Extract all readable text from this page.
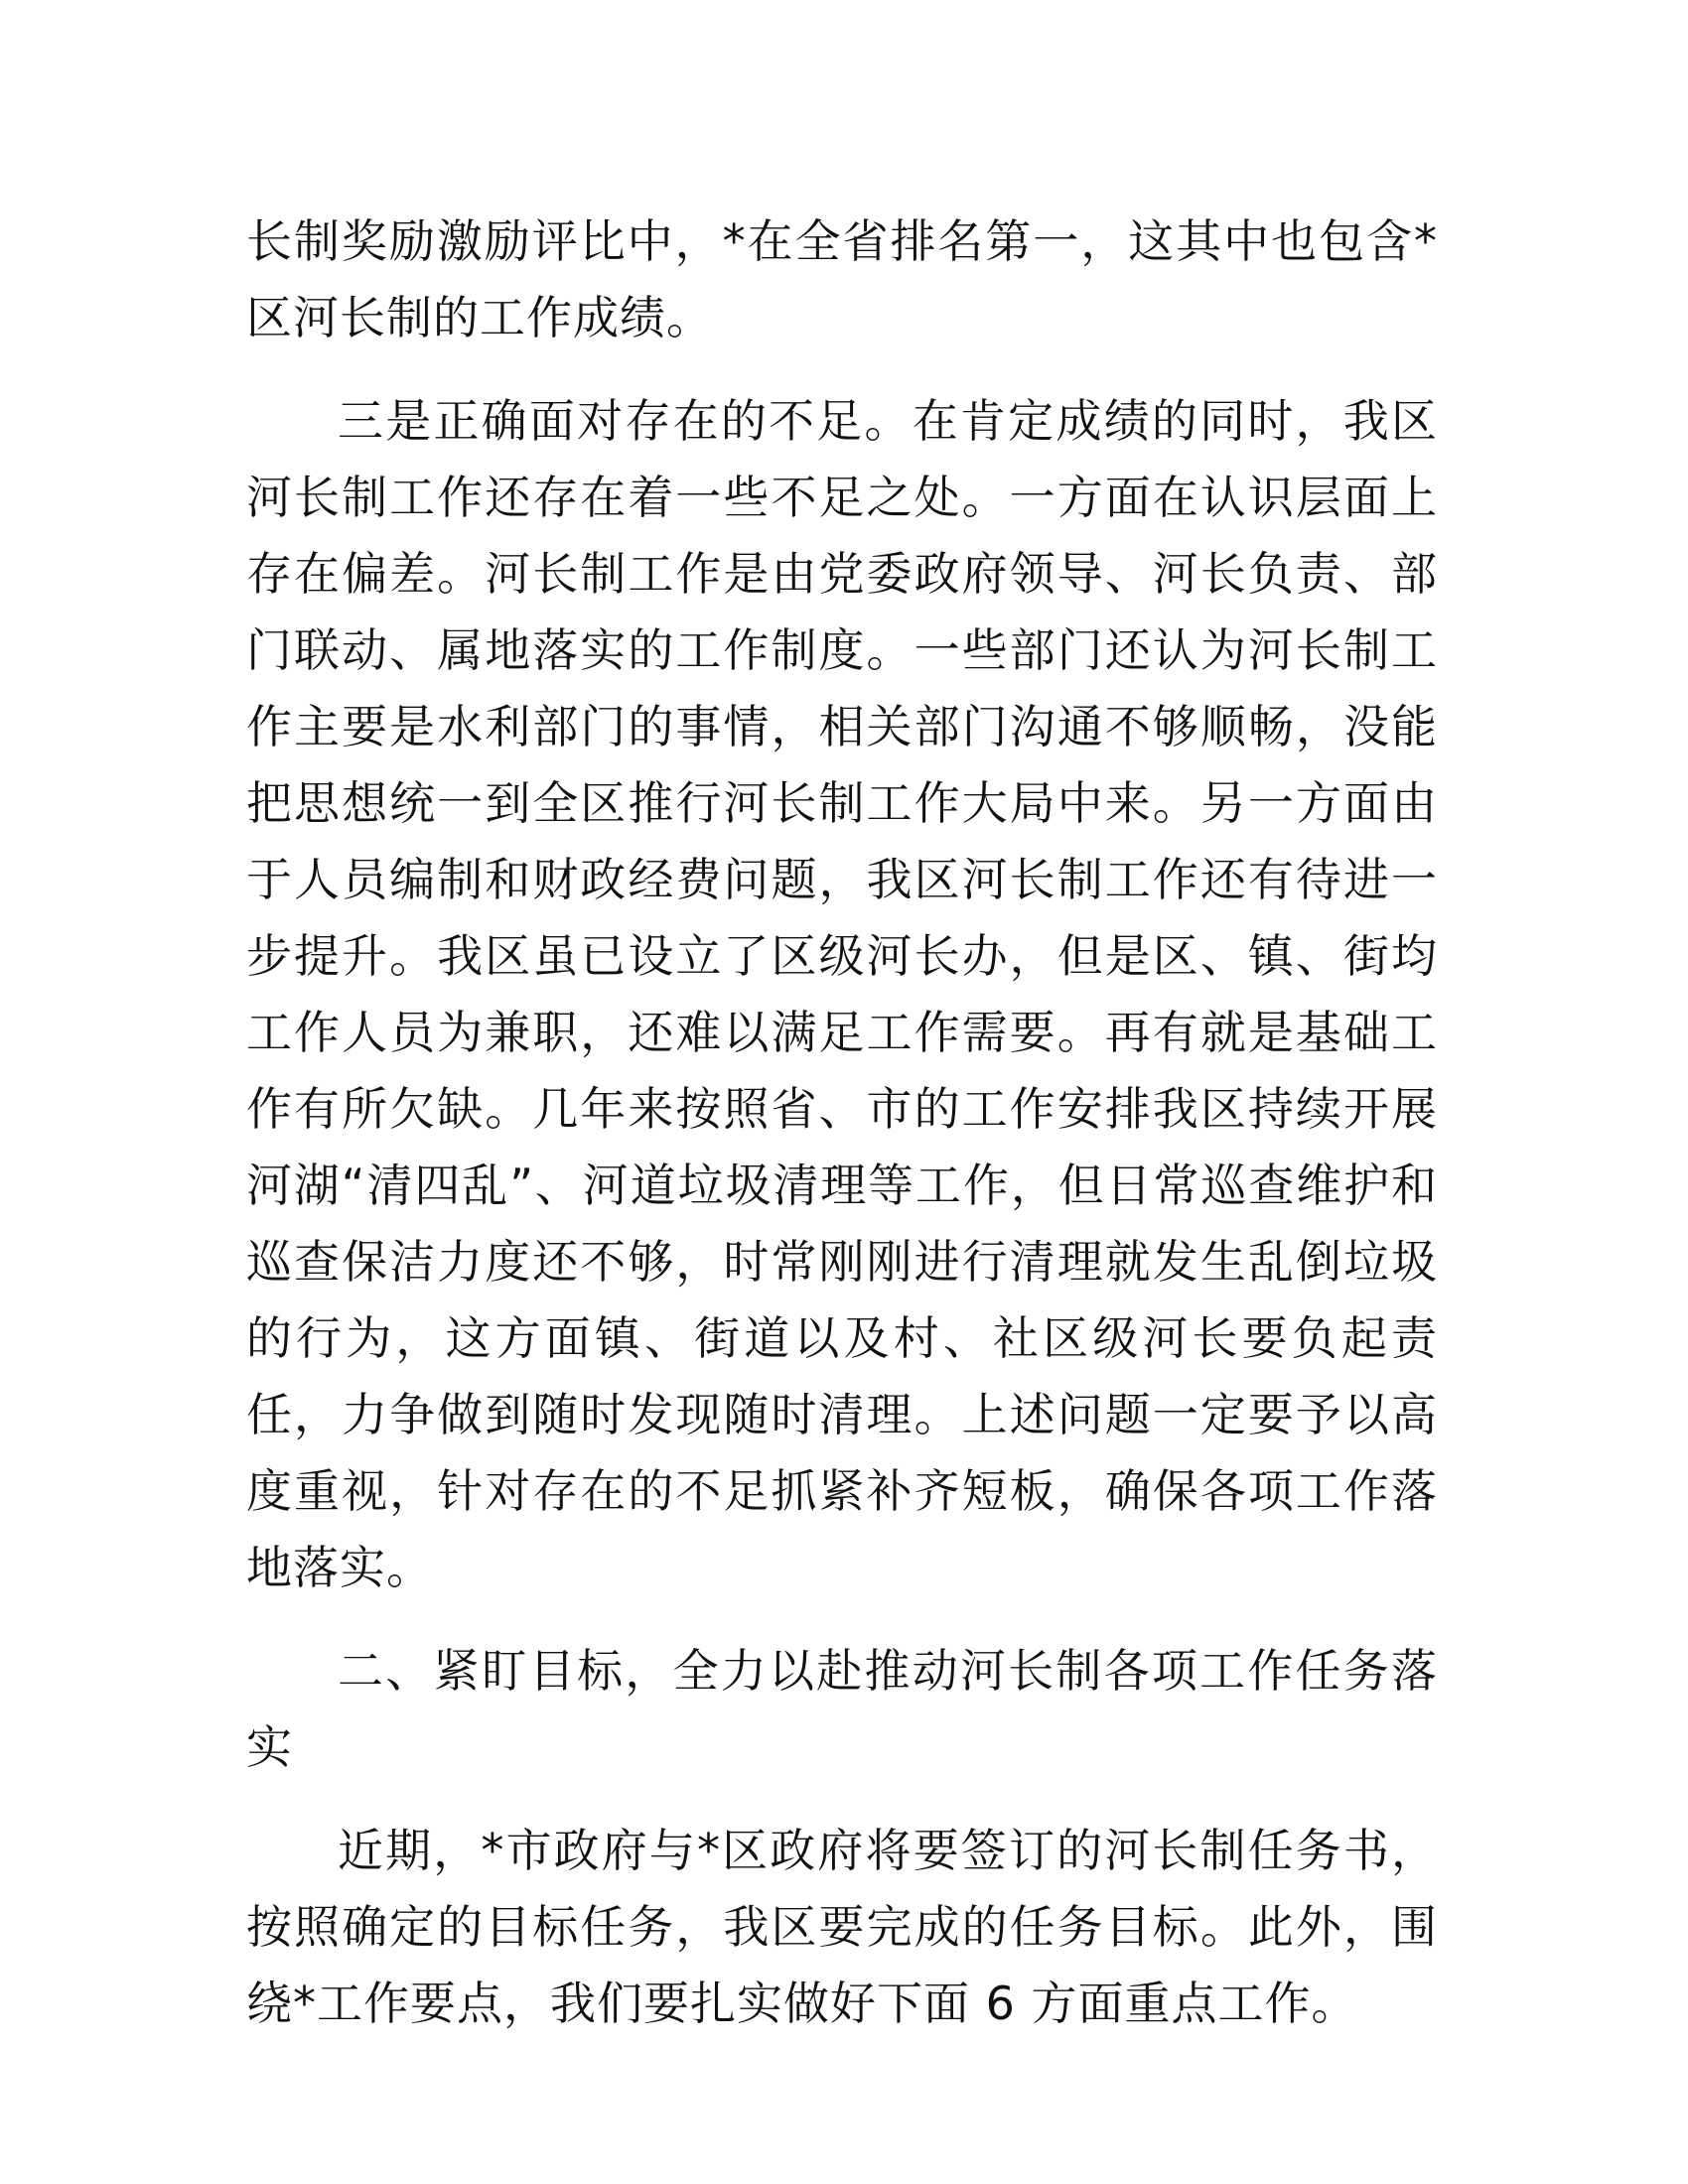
长制奖励激励评比中，*在全省排名第一，这其中也包含*区河长制的工作成绩。

三是正确面对存在的不足。在肯定成绩的同时，我区河长制工作还存在着一些不足之处。一方面在认识层面上存在偏差。河长制工作是由党委政府领导、河长负责、部门联动、属地落实的工作制度。一些部门还认为河长制工作主要是水利部门的事情，相关部门沟通不够顺畅，没能把思想统一到全区推行河长制工作大局中来。另一方面由于人员编制和财政经费问题，我区河长制工作还有待进一步提升。我区虽已设立了区级河长办，但是区、镇、街均工作人员为兼职，还难以满足工作需要。再有就是基础工作有所欠缺。几年来按照省、市的工作安排我区持续开展河湖“清四乱”、河道垃圾清理等工作，但日常巡查维护和巡查保洁力度还不够，时常刚刚进行清理就发生乱倒垃圾的行为，这方面镇、街道以及村、社区级河长要负起责任，力争做到随时发现随时清理。上述问题一定要予以高度重视，针对存在的不足抓紧补齐短板，确保各项工作落地落实。

二、紧盯目标，全力以赴推动河长制各项工作任务落实

近期，*市政府与*区政府将要签订的河长制任务书，按照确定的目标任务，我区要完成的任务目标。此外，围绕*工作要点，我们要扎实做好下面 6 方面重点工作。
